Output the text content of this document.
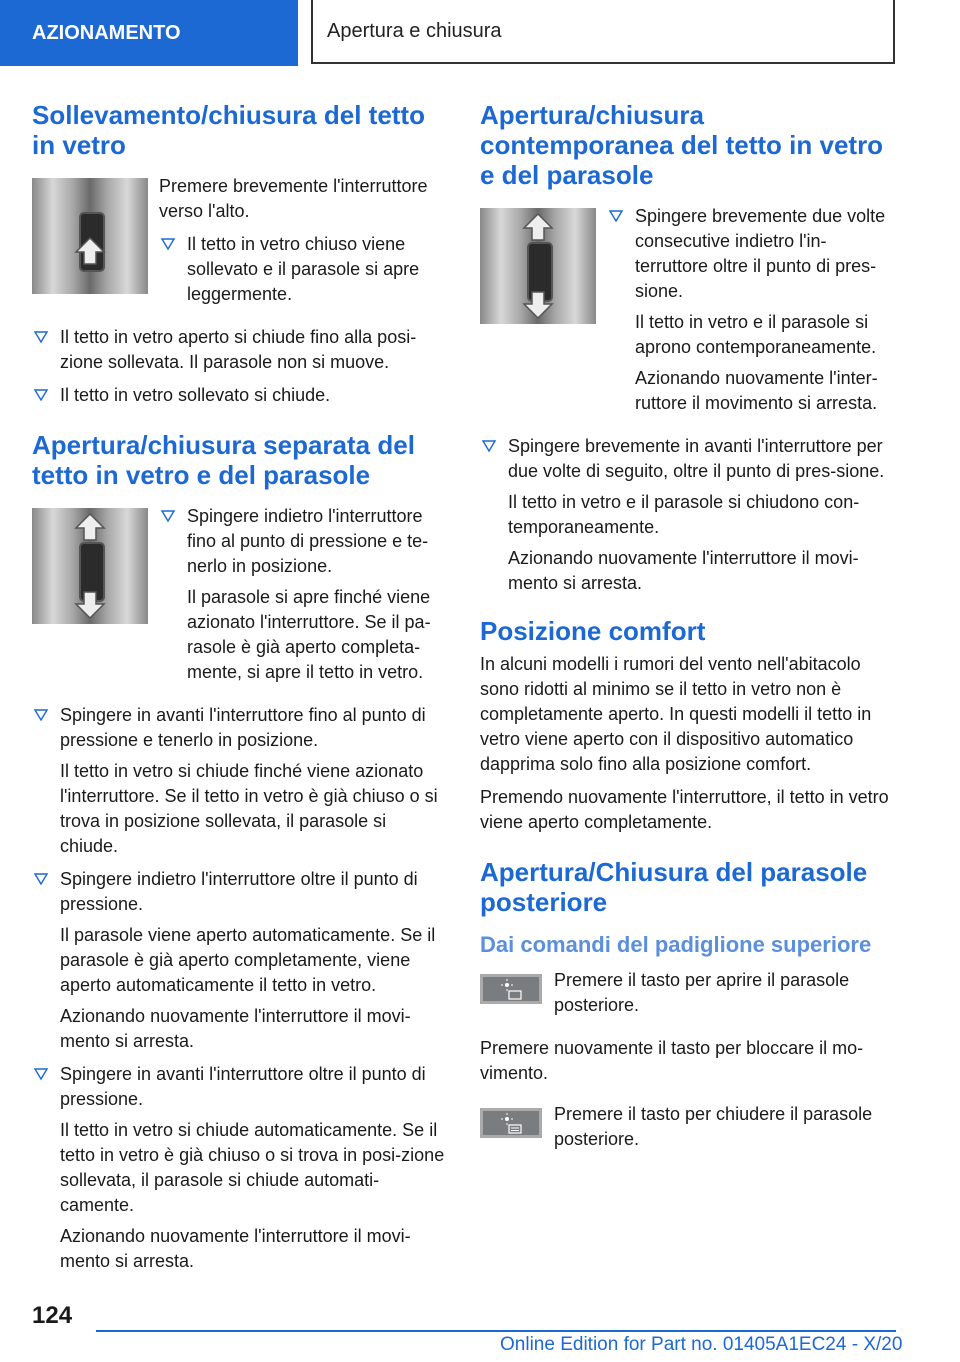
AZIONAMENTO	Apertura e chiusura
Sollevamento/chiusura del tetto in vetro

Premere brevemente l'interruttore verso l'alto.

Il tetto in vetro chiuso viene sollevato e il parasole si apre leggermente.

Il tetto in vetro aperto si chiude fino alla posi-zione sollevata. Il parasole non si muove.

Il tetto in vetro sollevato si chiude.

Apertura/chiusura separata del tetto in vetro e del parasole

Spingere indietro l'interruttore fino al punto di pressione e te-nerlo in posizione.

Il parasole si apre finché viene azionato l'interruttore. Se il pa-rasole è già aperto completa-mente, si apre il tetto in vetro.

Spingere in avanti l'interruttore fino al punto di pressione e tenerlo in posizione.

Il tetto in vetro si chiude finché viene azionato l'interruttore. Se il tetto in vetro è già chiuso o si trova in posizione sollevata, il parasole si chiude.

Spingere indietro l'interruttore oltre il punto di pressione.

Il parasole viene aperto automaticamente. Se il parasole è già aperto completamente, viene aperto automaticamente il tetto in vetro.

Azionando nuovamente l'interruttore il movi-mento si arresta.

Spingere in avanti l'interruttore oltre il punto di pressione.

Il tetto in vetro si chiude automaticamente. Se il tetto in vetro è già chiuso o si trova in posi-zione sollevata, il parasole si chiude automati-camente.

Azionando nuovamente l'interruttore il movi-mento si arresta.

Apertura/chiusura contemporanea del tetto in vetro e del parasole

Spingere brevemente due volte consecutive indietro l'in-terruttore oltre il punto di pres-sione.

Il tetto in vetro e il parasole si aprono contemporaneamente.

Azionando nuovamente l'inter-ruttore il movimento si arresta.

Spingere brevemente in avanti l'interruttore per due volte di seguito, oltre il punto di pres-sione.

Il tetto in vetro e il parasole si chiudono con-temporaneamente.

Azionando nuovamente l'interruttore il movi-mento si arresta.

Posizione comfort

In alcuni modelli i rumori del vento nell'abitacolo sono ridotti al minimo se il tetto in vetro non è completamente aperto. In questi modelli il tetto in vetro viene aperto con il dispositivo automatico dapprima solo fino alla posizione comfort.

Premendo nuovamente l'interruttore, il tetto in vetro viene aperto completamente.

Apertura/Chiusura del parasole posteriore
Dai comandi del padiglione superiore

Premere il tasto per aprire il parasole posteriore.

Premere nuovamente il tasto per bloccare il mo-vimento.

Premere il tasto per chiudere il parasole posteriore.

124
Online Edition for Part no. 01405A1EC24 - X/20
